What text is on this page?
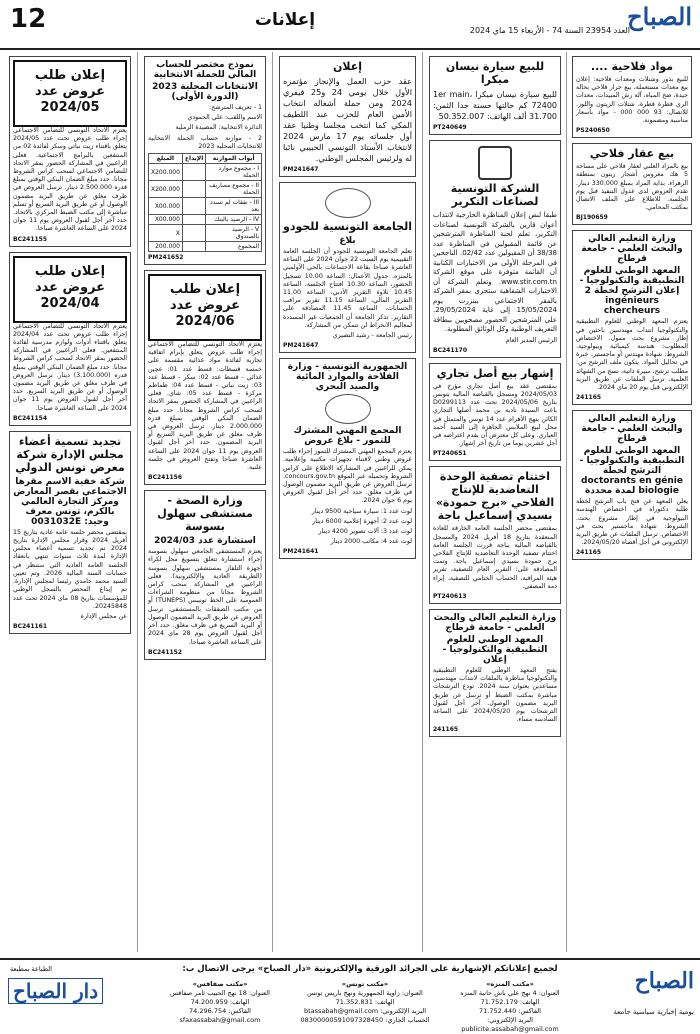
12	إعلانات	الصباح
العدد 23954 السنة 74 - الأربعاء 15 ماي 2024
إعلان طلب عروض عدد 2024/05

يعتزم الاتحاد التونسي للتضامن الاجتماعي إجراء طلب عروض تحت عدد 2024/05 يتعلق باقتناء زيت نباتي وسكر لفائدة 02 من المنتفعين بالبرامج الاجتماعية. فعلى الراغبين في المشاركة الحضور بمقر الاتحاد للتضامن الاجتماعي لسحب كراس الشروط مجانا. حدد مبلغ الضمان البنكي الوقتي بمبلغ قدره 2.500.000 دينار. ترسل العروض في ظرف مغلق عن طريق البريد مضمون الوصول أو عن طريق البريد السريع أو تسلم مباشرة إلى مكتب الضبط المركزي بالاتحاد. حدد آخر أجل لقبول العروض يوم 11 جوان 2024 على الساعة العاشرة صباحا.

BC241155
إعلان طلب عروض عدد 2024/04

يعتزم الاتحاد التونسي للتضامن الاجتماعي إجراء طلب عروض تحت عدد 2024/04 يتعلق باقتناء أدوات ولوازم مدرسية لفائدة المنتفعين. فعلى الراغبين في المشاركة الحضور بمقر الاتحاد لسحب كراس الشروط مجانا. حدد مبلغ الضمان البنكي الوقتي بمبلغ قدره (3.100.000) دينار. ترسل العروض في ظرف مغلق عن طريق البريد مضمون الوصول أو عن طريق البريد السريع. حدد آخر أجل لقبول العروض يوم 11 جوان 2024 على الساعة العاشرة صباحا.

BC241154
تجديد تسمية أعضاء مجلس الإدارة شركة معرض تونس الدولي
شركة خفية الاسم مقرها الاجتماعي بقصر المعارض ومركز التجارة العالمي بالكرم، تونس معرف وحيد: 0031032E

بمقتضى محضر جلسة عامة عادية بتاريخ 15 أفريل 2024 وقرار مجلس الإدارة بتاريخ 2024 تم تجديد تسمية أعضاء مجلس الإدارة لمدة ثلاث سنوات تنتهي بانعقاد الجلسة العامة العادية التي ستنظر في حسابات السنة المالية 2026. وتم تعيين السيد محمد حامدي رئيسا لمجلس الإدارة. تم إيداع المحضر بالسجل الوطني للمؤسسات بتاريخ 08 ماي 2024 تحت عدد 20245848.

عن مجلس الإدارة

BC241161
نموذج مختصر للحساب المالي للحملة الانتخابية
الانتخابات المحلية 2023 (الدورة الأولى)

1 - تعريف المترشح:

الاسم واللقب: علي الحمودي

الدائرة الانتخابية: المصيدة الرملية

2 - موازنة حساب الحملة الانتخابية للانتخابات المحلية 2023

أبواب الموازنة	الإيداع	المبلغ
I - مجموع موارد الحملة		X200.000
II - مجموع مصاريف الحملة		X200.000
III - نفقات لم تسدد بعد		X00.000
IV - الرصيد بالبنك		X00.000
V - الرصيد بالصندوق		X
المجموع		200.000
PM241652
إعلان طلب عروض عدد 2024/06

يعتزم الاتحاد التونسي للتضامن الاجتماعي إجراء طلب عروض يتعلق بإبرام اتفاقية تجارية لفائدة مواد غذائية مقسمة على خمسة قسطات: قسط عدد 01: عجين غذائي - قسط عدد 02: سكر - قسط عدد 03: زيت نباتي - قسط عدد 04: طماطم مركزة - قسط عدد 05: شاي. فعلى الراغبين في المشاركة الحضور بمقر الاتحاد لسحب كراس الشروط مجانا. حدد مبلغ الضمان البنكي الوقتي بمبلغ قدره 2.000.000 دينار. ترسل العروض في ظرف مغلق عن طريق البريد السريع أو البريد المضمون. حدد آخر أجل لقبول العروض يوم 11 جوان 2024 على الساعة العاشرة صباحا وتفتح العروض في جلسة علنية.

BC241156
وزارة الصحة - مستشفى سهلول بسوسة
استشارة عدد 2024/03

يعتزم المستشفى الجامعي سهلول بسوسة إجراء استشارة تتعلق بتسويغ محل لكراء أجهزة التلفاز بمستشفى سهلول بسوسة (الطريقة العادية والإلكترونية). فعلى الراغبين في المشاركة سحب كراس الشروط مجانا من منظومة الشراءات العمومية على الخط تونيبس (TUNEPS) أو من مكتب الصفقات بالمستشفى. ترسل العروض عن طريق البريد المضمون الوصول أو البريد السريع في ظرف مغلق. حدد آخر أجل لقبول العروض يوم 28 ماي 2024 على الساعة العاشرة صباحا.

BC241152
إعلان

عقد حزب العمل والإنجاز مؤتمره الأول خلال يومي 24 و25 فيفري 2024 ومن جملة أشغاله انتخاب الأمين العام للحزب عبد اللطيف المكي كما انتخب مجلسا وطنيا عقد أول جلساته يوم 17 مارس 2024 لانتخاب الأستاذ التونسي الحبيبي نائبا له ولرئيس المجلس الوطني.

PM241647
الجامعة التونسية للجودو
بلاغ

تعلم الجامعة التونسية للجودو أن الجلسة العامة التقييمية يوم السبت 22 جوان 2024 على الساعة العاشرة صباحا بقاعة الاجتماعات بالحي الأولمبي بالمنزه. جدول الأعمال: الساعة 10.00 تسجيل الحضور، الساعة 10.30 افتتاح الجلسة، الساعة 10.45 تلاوة التقرير الأدبي، الساعة 11.00 التقرير المالي، الساعة 11.15 تقرير مراقب الحسابات، الساعة 11.45 المصادقة على التقارير. تذكر الجامعة أن الجمعيات غير المسددة لمعاليم الانخراط لن تتمكن من المشاركة.

رئيس الجامعة - رشيد النصيري

PM241647
الجمهورية التونسية - وزارة الفلاحة والموارد المائية والصيد البحري
المجمع المهني المشترك للتمور - بلاغ عروض

يعتزم المجمع المهني المشترك للتمور إجراء طلب عروض وطني لاقتناء تجهيزات مكتبية وإعلامية. يمكن للراغبين في المشاركة الاطلاع على كراس الشروط وتحميله عبر الموقع concours.gov.tn. ترسل العروض عن طريق البريد مضمون الوصول في ظرف مغلق. حدد آخر أجل لقبول العروض يوم 6 جوان 2024.

لوت عدد 1: سيارة سياحية 9500 دينار

لوت عدد 2: أجهزة إعلامية 6000 دينار

لوت عدد 3: آلات تصوير 4200 دينار

لوت عدد 4: مكاتب 2000 دينار

PM241641
للبيع سيارة نيسان ميكرا

للبيع سيارة نيسان ميكرا 1er main، 72400 كم حالتها حسنة جدا الثمن: 31.700 ألف الهاتف: 50.352.007

PT240649
الشركة التونسية لصناعات التكرير

طبقا لنص إعلان المناظرة الخارجية لانتداب أعوان قارين بالشركة التونسية لصناعات التكرير، تعلم لجنة المناظرة المترشحين عن قائمة المقبولين في المناظرة عدد 38/38 أن المقبولين عدد 02/42. الناجحين في المرحلة الأولى من الاختبارات الكتابية أن القائمة متوفرة على موقع الشركة www.stir.com.tn. وتعلم الشركة أن الاختبارات الشفاهية ستجرى بمقر الشركة بالمقر الاجتماعي ببنزرت يوم 15/05/2024 إلى غاية 29/05/2024. على المترشحين الحضور مصحوبين ببطاقة التعريف الوطنية وكل الوثائق المطلوبة.

الرئيس المدير العام

BC241170
إشهار بيع أصل تجاري

بمقتضى عقد بيع أصل تجاري مؤرخ في 2024/05/03 ومسجل بالقباضة المالية بتونس بتاريخ 2024/05/06 تحت عدد D0299113 باعت السيدة نادية بن محمد أصلها التجاري الكائن بنهج الأهرام عدد 14 تونس والمتمثل في محل لبيع الملابس الجاهزة إلى السيد أحمد العياري. وعلى كل معترض أن يقدم اعتراضه في أجل عشرين يوما من تاريخ آخر إشهار.

PT240651
اختتام تصفية الوحدة التعاضدية للإنتاج الفلاحي «برج حمودة» بسيدي إسماعيل باجة

بمقتضى محضر الجلسة العامة الخارقة للعادة المنعقدة بتاريخ 18 أفريل 2024 والمسجل بالقباضة المالية بباجة قررت الجلسة العامة اختتام تصفية الوحدة التعاضدية للإنتاج الفلاحي برج حمودة بسيدي إسماعيل باجة. وتمت المصادقة على: التقرير العام للتصفية، تقرير هيئة المراقبة، الحساب الختامي للتصفية، إبراء ذمة المصفي.

PT240613
وزارة التعليم العالي والبحث العلمي - جامعة قرطاج
المعهد الوطني للعلوم التطبيقية والتكنولوجيا - إعلان

يفتح المعهد الوطني للعلوم التطبيقية والتكنولوجيا مناظرة بالملفات لانتداب مهندسين مساعدين بعنوان سنة 2024. تودع الترشحات مباشرة بمكتب الضبط أو ترسل عن طريق البريد مضمون الوصول. آخر أجل لقبول الترشحات يوم 2024/05/20 على الساعة السادسة مساء.

241165
مواد فلاحية ....

للبيع بذور وشتلات ومعدات فلاحية: إعلان بيع معدات مستعملة، بيع جرار فلاحي بحالة جيدة، ضخ المياه، آلة رش المبيدات، معدات الري قطرة قطرة، شتلات الزيتون واللوز. للاتصال: 93 000 000 - مواد بأسعار مناسبة ومضمونة.

PS240650
بيع عقار فلاحي

بيع بالمزاد العلني لعقار فلاحي على مساحة 5 هك مغروس أشجار زيتون بمنطقة الزهراء. بداية المزاد بمبلغ 330.000 دينار. تقدم العروض لدى عدول التنفيذ قبل يوم الجلسة. للاطلاع على الملف الاتصال بمكتب المحامي.

BJ190659
وزارة التعليم العالي والبحث العلمي - جامعة قرطاج
المعهد الوطني للعلوم التطبيقية والتكنولوجيا - إعلان الترشح لخطة 2 ingénieurs chercheurs

يعتزم المعهد الوطني للعلوم التطبيقية والتكنولوجيا انتداب مهندسين باحثين في إطار مشروع بحث ممول. الاختصاص المطلوب: هندسة كيميائية وبيولوجية. الشروط: شهادة مهندس أو ماجستير، خبرة في تحاليل المواد. يتكون ملف الترشح من: مطلب ترشح، سيرة ذاتية، نسخ من الشهائد العلمية. ترسل الملفات عن طريق البريد الإلكتروني قبل يوم 20 ماي 2024.

241165
وزارة التعليم العالي والبحث العلمي - جامعة قرطاج
المعهد الوطني للعلوم التطبيقية والتكنولوجيا - الترشح لخطة doctorants en génie biologie لمدة محددة

يعلن المعهد عن فتح باب الترشح لخطة طلبة دكتوراه في اختصاص الهندسة البيولوجية في إطار مشروع بحث. الشروط: شهادة ماجستير بحث في الاختصاص. ترسل الملفات عن طريق البريد الإلكتروني في أجل أقصاه 2024/05/20.

241165
لجميع إعلاناتكم الإشهارية على الجرائد الورقية والإلكترونية «دار الصباح» يرجى الاتصال ب:
«مكتب المنزه»
العنوان: 4 نهج علي باش حانبة المنزه
الهاتف: 71.752.179
الفاكس: 71.752.440
البريد الإلكتروني: publicite.assabah@gmail.com
«مكتب تونس»
العنوان: زاوية الجمهورية ونهج باريس تونس
الهاتف: 71.352.831
البريد الإلكتروني: btassabah@gmail.com
الحساب الجاري: 08300000591097328450
«مكتب صفاقس»
العنوان: 18 نهج الحبيب ثامر صفاقس
الهاتف: 74.200.959
الفاكس: 74.296.754
sfaxassabah@gmail.com
الصباح
يومية إخبارية سياسية جامعة
الطباعة بمطبعة
دار الصباح
